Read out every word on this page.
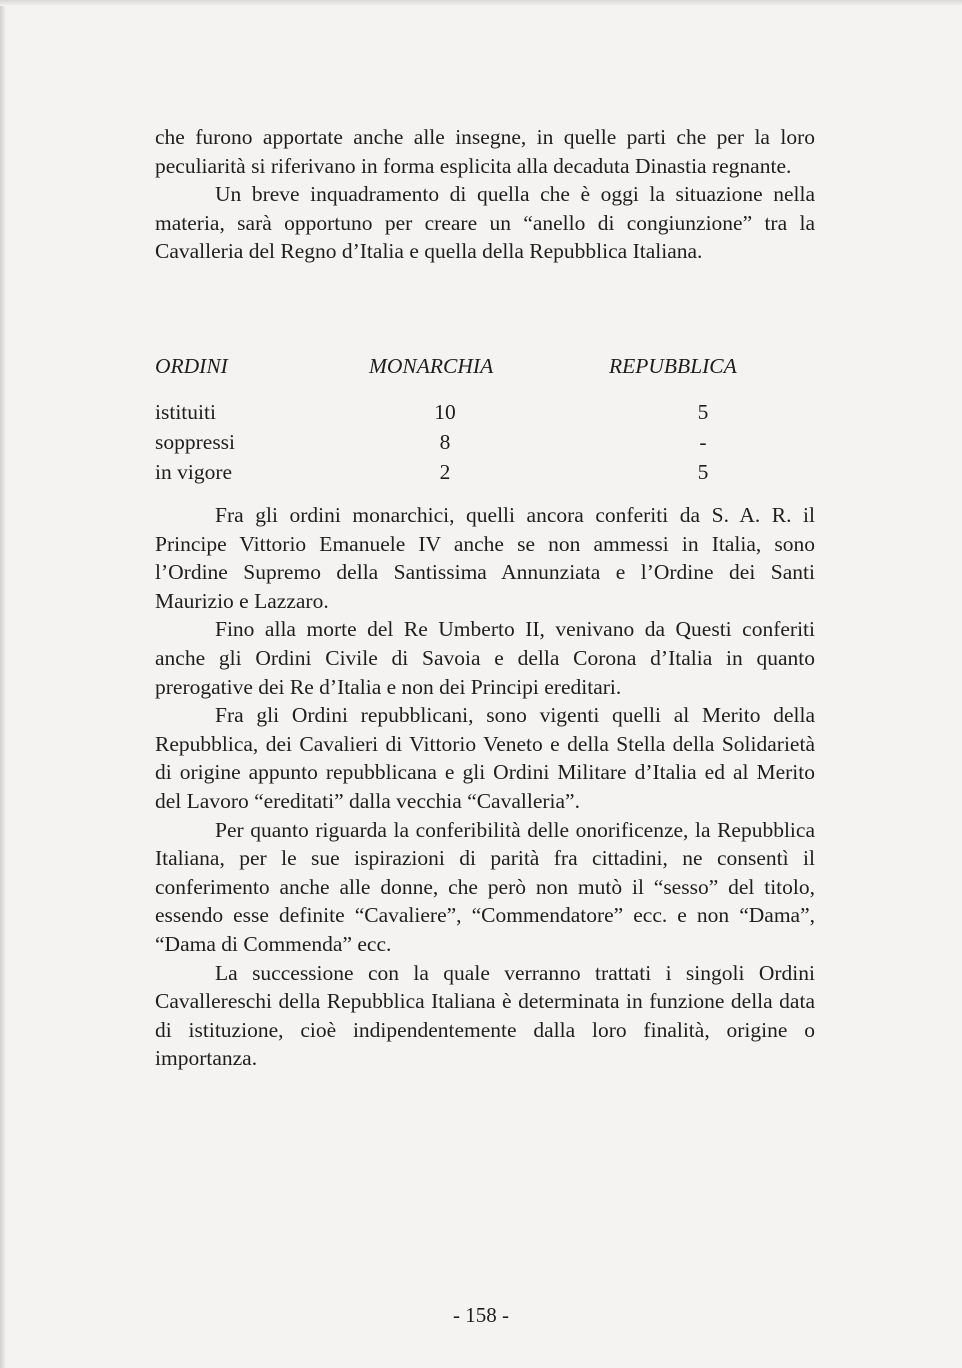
che furono apportate anche alle insegne, in quelle parti che per la loro peculiarità si riferivano in forma esplicita alla decaduta Dinastia regnante.

Un breve inquadramento di quella che è oggi la situazione nella materia, sarà opportuno per creare un “anello di congiunzione” tra la Cavalleria del Regno d’Italia e quella della Repubblica Italiana.

ORDINI	MONARCHIA	REPUBBLICA
istituiti	10	5
soppressi	8	-
in vigore	2	5

Fra gli ordini monarchici, quelli ancora conferiti da S. A. R. il Principe Vittorio Emanuele IV anche se non ammessi in Italia, sono l’Ordine Supremo della Santissima Annunziata e l’Ordine dei Santi Maurizio e Lazzaro.

Fino alla morte del Re Umberto II, venivano da Questi conferiti anche gli Ordini Civile di Savoia e della Corona d’Italia in quanto prerogative dei Re d’Italia e non dei Principi ereditari.

Fra gli Ordini repubblicani, sono vigenti quelli al Merito della Repubblica, dei Cavalieri di Vittorio Veneto e della Stella della Solidarietà di origine appunto repubblicana e gli Ordini Militare d’Italia ed al Merito del Lavoro “ereditati” dalla vecchia “Cavalleria”.

Per quanto riguarda la conferibilità delle onorificenze, la Repubblica Italiana, per le sue ispirazioni di parità fra cittadini, ne consentì il conferimento anche alle donne, che però non mutò il “sesso” del titolo, essendo esse definite “Cavaliere”, “Commendatore” ecc. e non “Dama”, “Dama di Commenda” ecc.

La successione con la quale verranno trattati i singoli Ordini Cavallereschi della Repubblica Italiana è determinata in funzione della data di istituzione, cioè indipendentemente dalla loro finalità, origine o importanza.

- 158 -
